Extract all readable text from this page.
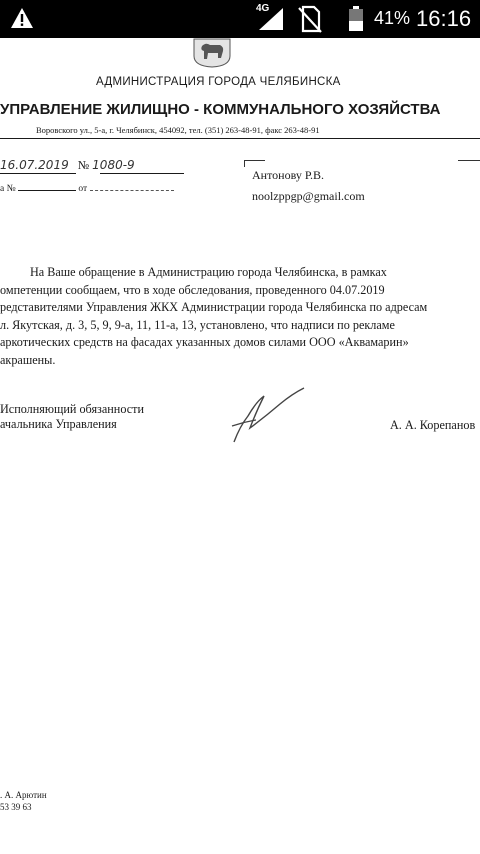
4G	41% 16:16
АДМИНИСТРАЦИЯ ГОРОДА ЧЕЛЯБИНСКА
УПРАВЛЕНИЕ ЖИЛИЩНО - КОММУНАЛЬНОГО ХОЗЯЙСТВА
Воровского ул., 5-а, г. Челябинск, 454092, тел. (351) 263-48-91, факс 263-48-91
16.07.2019 № 1080-9
а №	от
Антонову Р.В.
noolzppgp@gmail.com
На Ваше обращение в Администрацию города Челябинска, в рамках
омпетенции сообщаем, что в ходе обследования, проведенного 04.07.2019
редставителями Управления ЖКХ Администрации города Челябинска по адресам
л. Якутская, д. 3, 5, 9, 9-а, 11, 11-а, 13, установлено, что надписи по рекламе
аркотических средств на фасадах указанных домов силами ООО «Аквамарин»
акрашены.
Исполняющий обязанности
ачальника Управления	А. А. Корепанов
. А. Арютин
53 39 63
